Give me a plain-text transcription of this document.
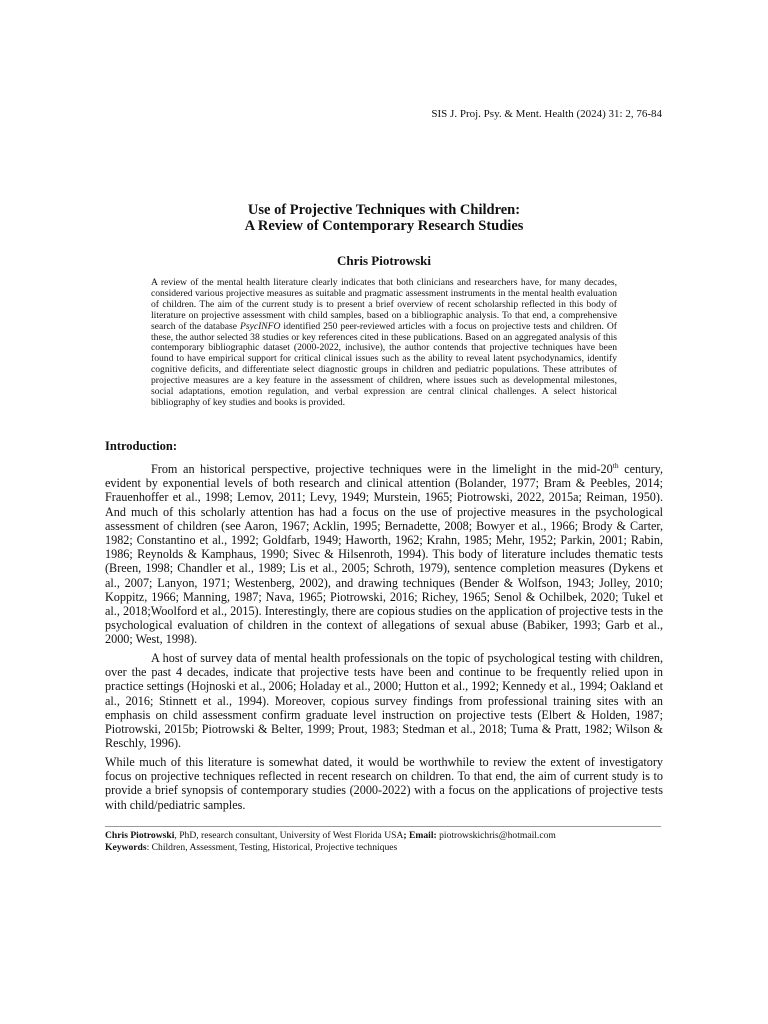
SIS J. Proj. Psy. & Ment. Health (2024) 31: 2, 76-84
Use of Projective Techniques with Children:
A Review of Contemporary Research Studies
Chris Piotrowski

A review of the mental health literature clearly indicates that both clinicians and researchers have, for many decades, considered various projective measures as suitable and pragmatic assessment instruments in the mental health evaluation of children. The aim of the current study is to present a brief overview of recent scholarship reflected in this body of literature on projective assessment with child samples, based on a bibliographic analysis. To that end, a comprehensive search of the database PsycINFO identified 250 peer-reviewed articles with a focus on projective tests and children. Of these, the author selected 38 studies or key references cited in these publications. Based on an aggregated analysis of this contemporary bibliographic dataset (2000-2022, inclusive), the author contends that projective techniques have been found to have empirical support for critical clinical issues such as the ability to reveal latent psychodynamics, identify cognitive deficits, and differentiate select diagnostic groups in children and pediatric populations. These attributes of projective measures are a key feature in the assessment of children, where issues such as developmental milestones, social adaptations, emotion regulation, and verbal expression are central clinical challenges. A select historical bibliography of key studies and books is provided.

Introduction:

From an historical perspective, projective techniques were in the limelight in the mid-20th century, evident by exponential levels of both research and clinical attention (Bolander, 1977; Bram & Peebles, 2014; Frauenhoffer et al., 1998; Lemov, 2011; Levy, 1949; Murstein, 1965; Piotrowski, 2022, 2015a; Reiman, 1950). And much of this scholarly attention has had a focus on the use of projective measures in the psychological assessment of children (see Aaron, 1967; Acklin, 1995; Bernadette, 2008; Bowyer et al., 1966; Brody & Carter, 1982; Constantino et al., 1992; Goldfarb, 1949; Haworth, 1962; Krahn, 1985; Mehr, 1952; Parkin, 2001; Rabin, 1986; Reynolds & Kamphaus, 1990; Sivec & Hilsenroth, 1994). This body of literature includes thematic tests (Breen, 1998; Chandler et al., 1989; Lis et al., 2005; Schroth, 1979), sentence completion measures (Dykens et al., 2007; Lanyon, 1971; Westenberg, 2002), and drawing techniques (Bender & Wolfson, 1943; Jolley, 2010; Koppitz, 1966; Manning, 1987; Nava, 1965; Piotrowski, 2016; Richey, 1965; Senol & Ochilbek, 2020; Tukel et al., 2018;Woolford et al., 2015). Interestingly, there are copious studies on the application of projective tests in the psychological evaluation of children in the context of allegations of sexual abuse (Babiker, 1993; Garb et al., 2000; West, 1998).

A host of survey data of mental health professionals on the topic of psychological testing with children, over the past 4 decades, indicate that projective tests have been and continue to be frequently relied upon in practice settings (Hojnoski et al., 2006; Holaday et al., 2000; Hutton et al., 1992; Kennedy et al., 1994; Oakland et al., 2016; Stinnett et al., 1994). Moreover, copious survey findings from professional training sites with an emphasis on child assessment confirm graduate level instruction on projective tests (Elbert & Holden, 1987; Piotrowski, 2015b; Piotrowski & Belter, 1999; Prout, 1983; Stedman et al., 2018; Tuma & Pratt, 1982; Wilson & Reschly, 1996).

While much of this literature is somewhat dated, it would be worthwhile to review the extent of investigatory focus on projective techniques reflected in recent research on children. To that end, the aim of current study is to provide a brief synopsis of contemporary studies (2000-2022) with a focus on the applications of projective tests with child/pediatric samples.

Chris Piotrowski, PhD, research consultant, University of West Florida USA; Email: piotrowskichris@hotmail.com

Keywords: Children, Assessment, Testing, Historical, Projective techniques
